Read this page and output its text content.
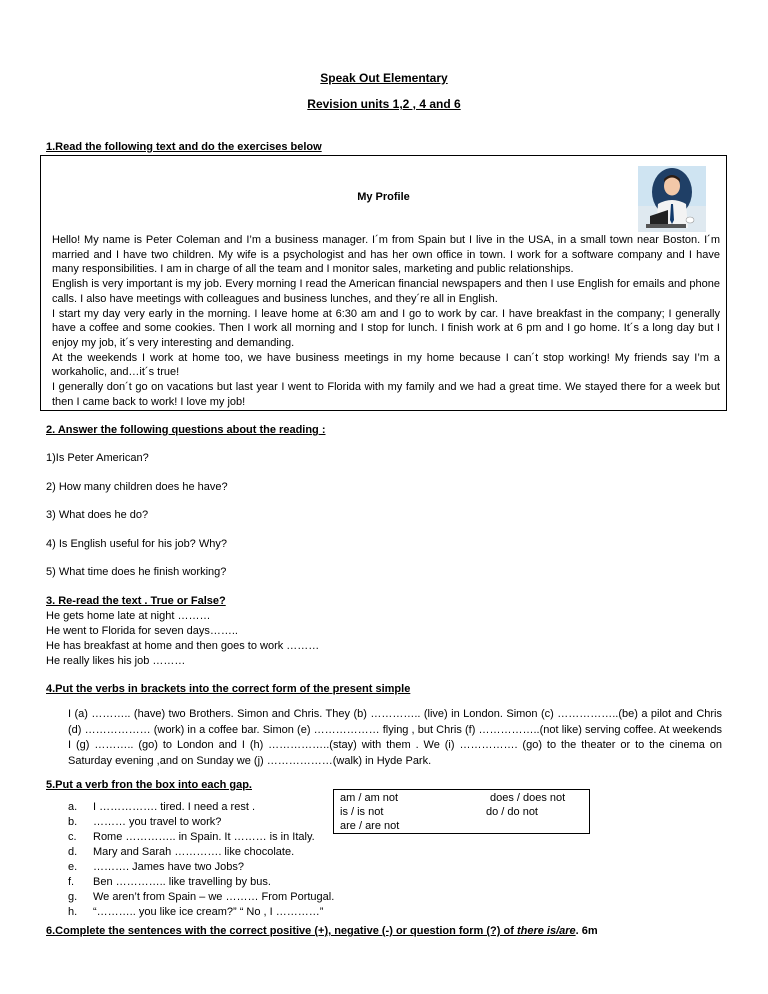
Speak Out Elementary
Revision units 1,2 , 4 and 6
1.Read the following text and do the exercises below
My Profile

Hello! My name is Peter Coleman and I’m a business manager. I´m from Spain but I live in the USA, in a small town near Boston. I´m married and I have two children. My wife is a psychologist and has her own office in town. I work for a software company and I have many responsibilities. I am in charge of all the team and I monitor sales, marketing and public relationships.

English is very important is my job. Every morning I read the American financial newspapers and then I use English for emails and phone calls. I also have meetings with colleagues and business lunches, and they´re all in English.

I start my day very early in the morning. I leave home at 6:30 am and I go to work by car. I have breakfast in the company; I generally have a coffee and some cookies. Then I work all morning and I stop for lunch. I finish work at 6 pm and I go home. It´s a long day but I enjoy my job, it´s very interesting and demanding.

At the weekends I work at home too, we have business meetings in my home because I can´t stop working! My friends say I’m a workaholic, and…it´s true!

I generally don´t go on vacations but last year I went to Florida with my family and we had a great time. We stayed there for a week but then I came back to work! I love my job!

2. Answer the following questions about the reading :
1)Is Peter American?
2) How many children does he have?
3) What does he do?
4) Is English useful for his job? Why?
5) What time does he finish working?
3. Re-read the text . True or False?
He gets home late at night ………
He went to Florida for seven days……..
He has breakfast at home and then goes to work ………
He really likes his job ………
4.Put the verbs in brackets into the correct form of the present simple
I (a) ……….. (have) two Brothers. Simon and Chris. They (b) ………….. (live) in London. Simon (c) ……………..(be) a pilot and Chris (d) ……………… (work) in a coffee bar. Simon (e) ……………… flying , but Chris (f) ……………..(not like) serving coffee. At weekends I (g) ……….. (go) to London and I (h) ……………..(stay) with them . We (i) ……………. (go) to the theater or to the cinema on Saturday evening ,and on Sunday we (j) ………………(walk) in Hyde Park.
5.Put a verb fron the box into each gap.
am / am not
is / is not
are / are not
does / does not
do / do not
a. I ……………. tired. I need a rest .
b. ……… you travel to work?
c. Rome ………….. in Spain. It ……… is in Italy.
d. Mary and Sarah …………. like chocolate.
e. ………. James have two Jobs?
f. Ben ………….. like travelling by bus.
g. We aren’t from Spain – we ……… From Portugal.
h. “……….. you like ice cream?” “ No , I …………”
6.Complete the sentences with the correct positive (+), negative (-) or question form (?) of there is/are. 6m
